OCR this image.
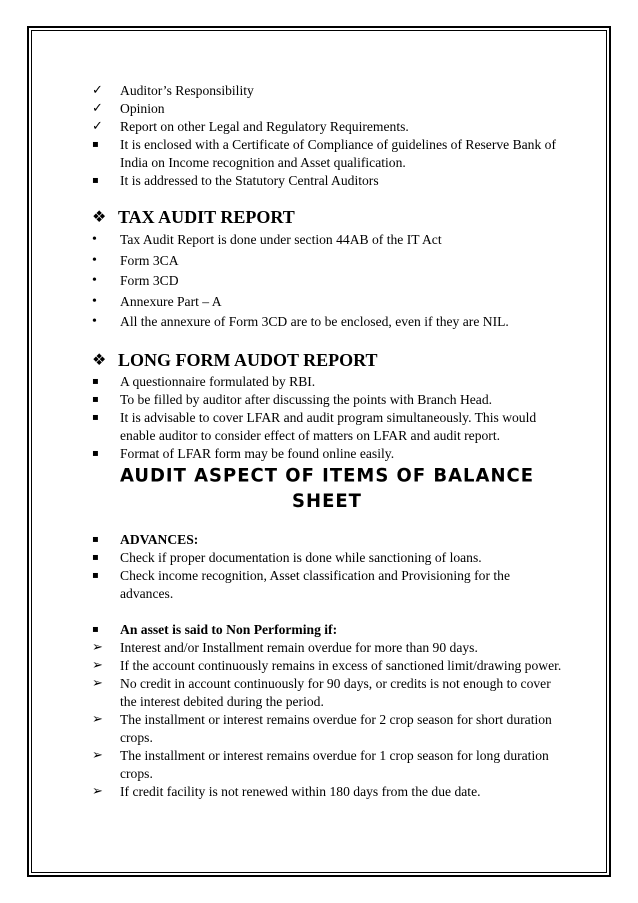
✓	Auditor’s Responsibility
✓	Opinion
✓	Report on other Legal and Regulatory Requirements.
▪	It is enclosed with a Certificate of Compliance of guidelines of Reserve Bank of India on Income recognition and Asset qualification.
▪	It is addressed to the Statutory Central Auditors
❖ TAX AUDIT REPORT
•	Tax Audit Report is done under section 44AB of the IT Act
•	Form 3CA
•	Form 3CD
•	Annexure Part – A
•	All the annexure of Form 3CD are to be enclosed, even if they are NIL.
❖ LONG FORM AUDOT REPORT
▪	A questionnaire formulated by RBI.
▪	To be filled by auditor after discussing the points with Branch Head.
▪	It is advisable to cover LFAR and audit program simultaneously. This would enable auditor to consider effect of matters on LFAR and audit report.
▪	Format of LFAR form may be found online easily.
AUDIT ASPECT OF ITEMS OF BALANCE SHEET
▪	ADVANCES:
▪	Check if proper documentation is done while sanctioning of loans.
▪	Check income recognition, Asset classification and Provisioning for the advances.
▪	An asset is said to Non Performing if:
➢	Interest and/or Installment remain overdue for more than 90 days.
➢	If the account continuously remains in excess of sanctioned limit/drawing power.
➢	No credit in account continuously for 90 days, or credits is not enough to cover the interest debited during the period.
➢	The installment or interest remains overdue for 2 crop season for short duration crops.
➢	The installment or interest remains overdue for 1 crop season for long duration crops.
➢	If credit facility is not renewed within 180 days from the due date.
